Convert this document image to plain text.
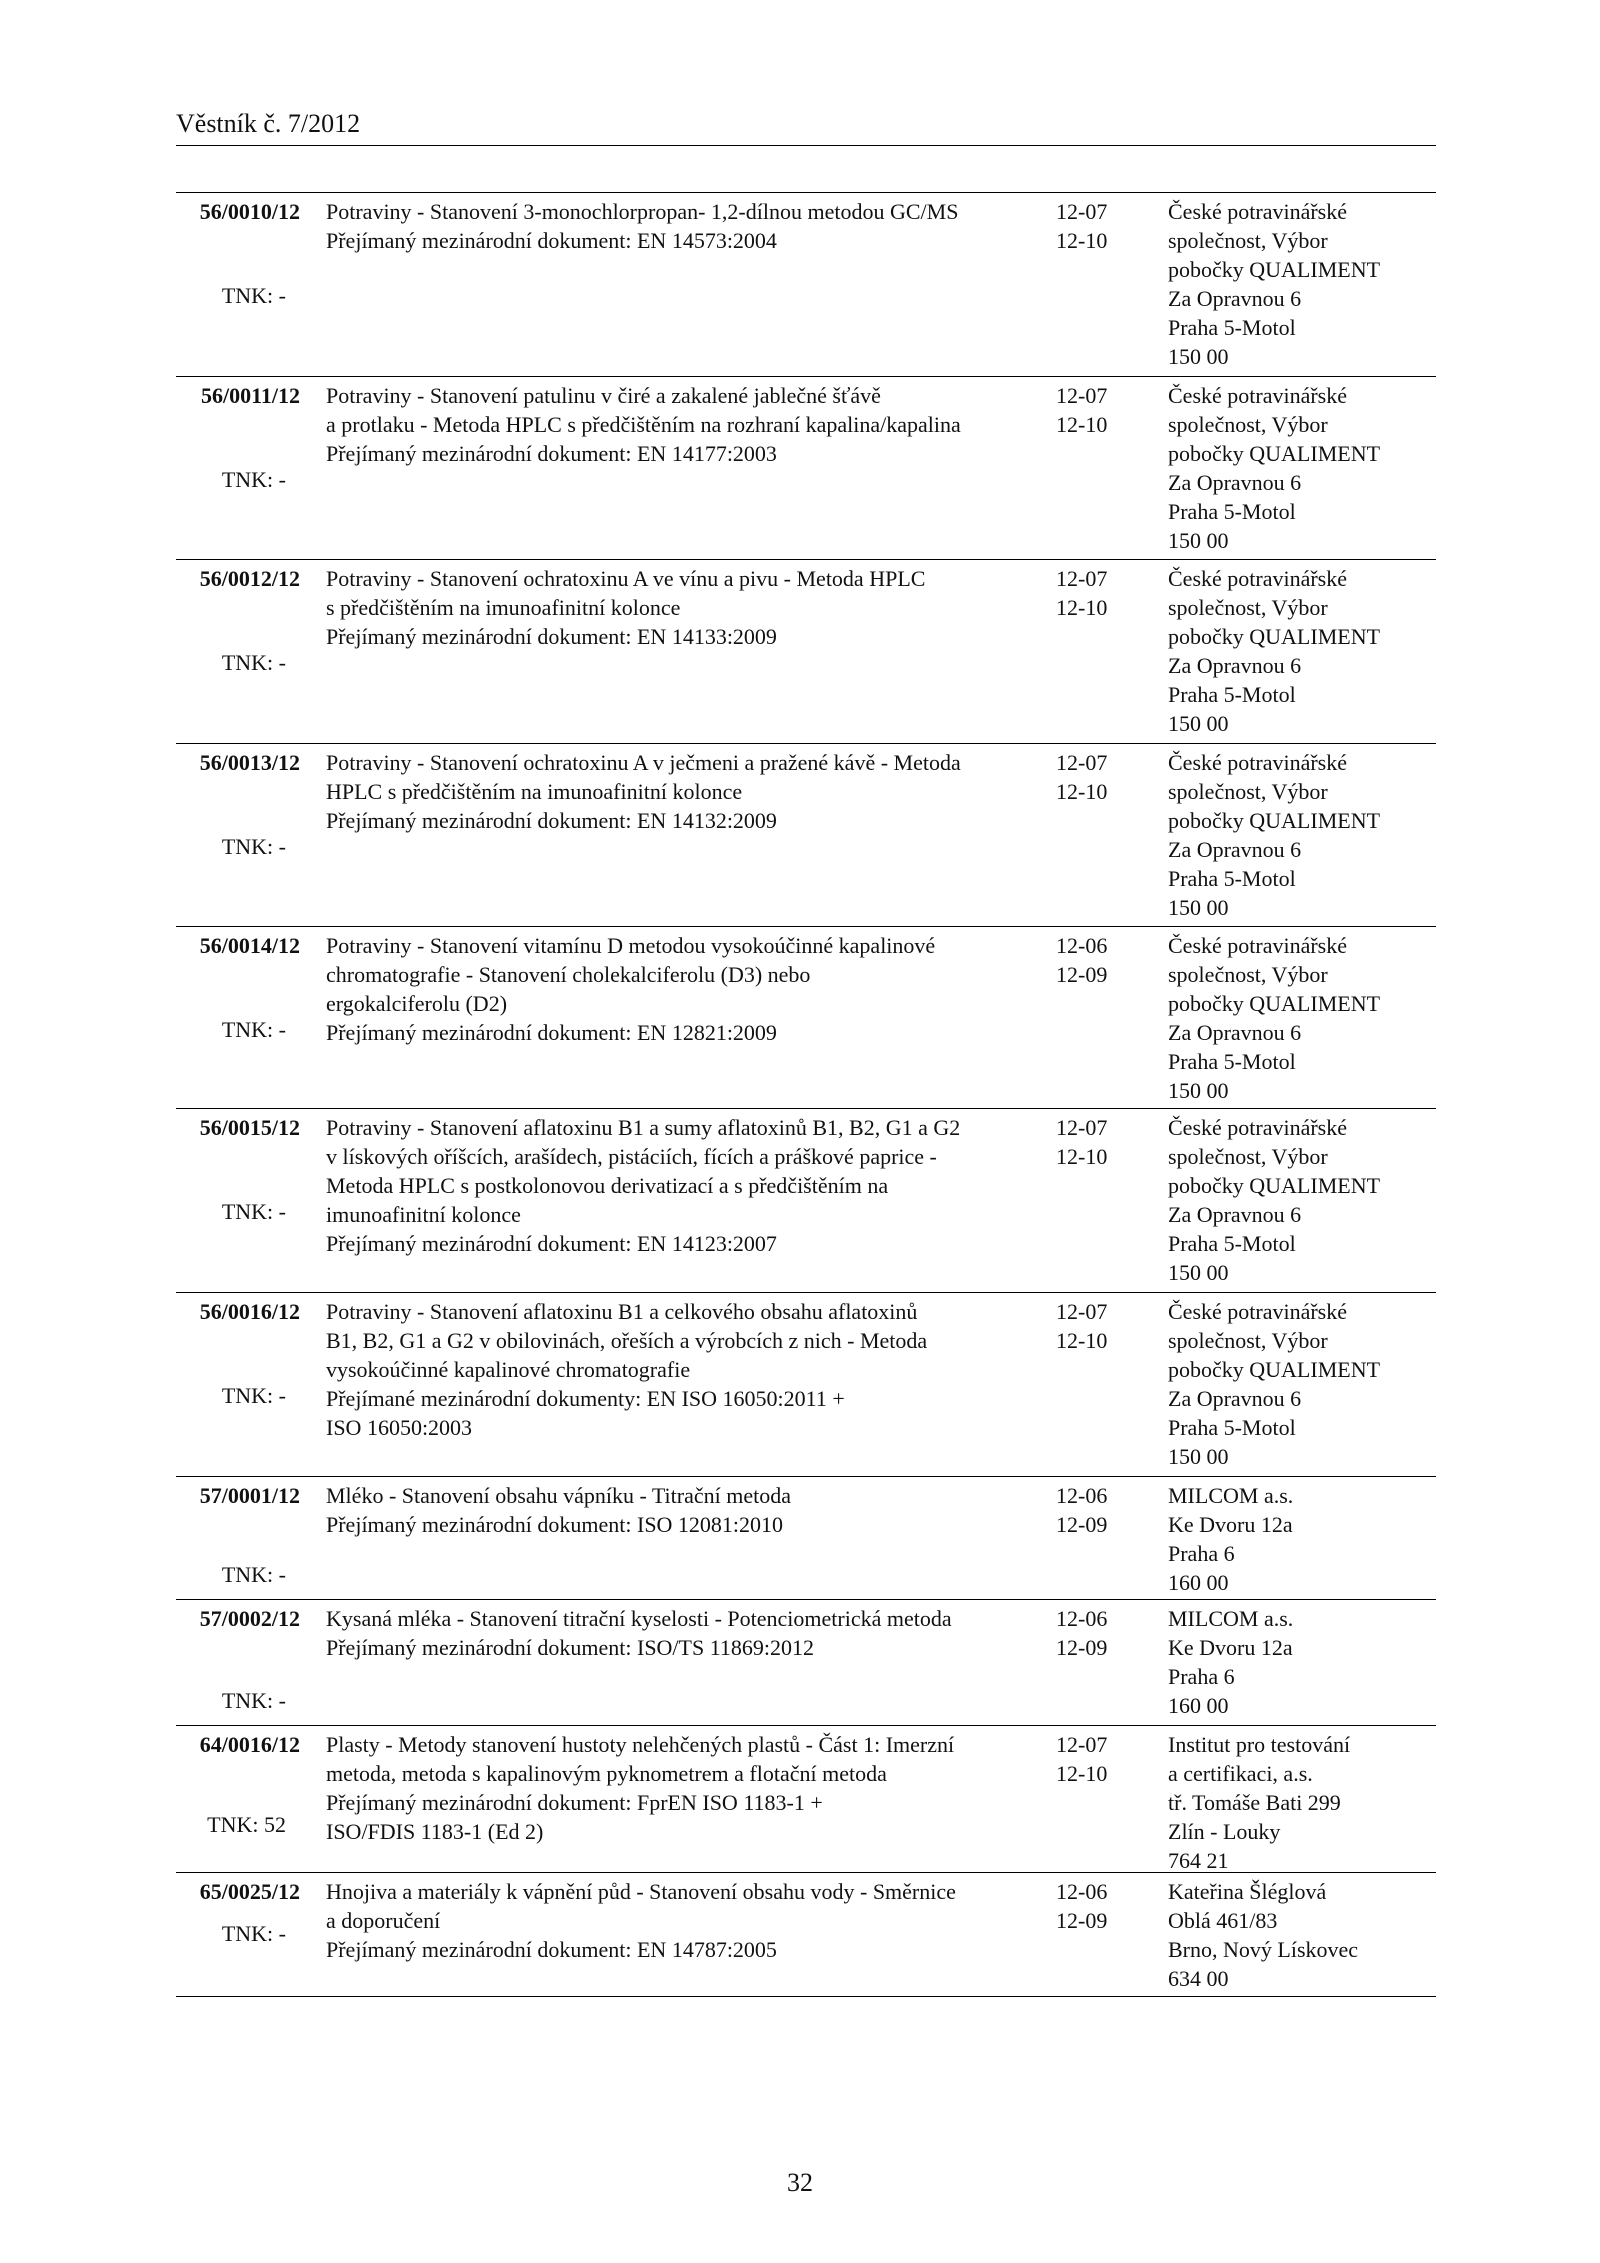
Věstník č. 7/2012
56/0010/12
TNK: -
Potraviny - Stanovení 3-monochlorpropan- 1,2-dílnou metodou GC/MS
Přejímaný mezinárodní dokument: EN 14573:2004
12-07
12-10
České potravinářské
společnost, Výbor
pobočky QUALIMENT
Za Opravnou 6
Praha 5-Motol
150 00
56/0011/12
TNK: -
Potraviny - Stanovení patulinu v čiré a zakalené jablečné šťávě
a protlaku - Metoda HPLC s předčištěním na rozhraní kapalina/kapalina
Přejímaný mezinárodní dokument: EN 14177:2003
12-07
12-10
České potravinářské
společnost, Výbor
pobočky QUALIMENT
Za Opravnou 6
Praha 5-Motol
150 00
56/0012/12
TNK: -
Potraviny - Stanovení ochratoxinu A ve vínu a pivu - Metoda HPLC
s předčištěním na imunoafinitní kolonce
Přejímaný mezinárodní dokument: EN 14133:2009
12-07
12-10
České potravinářské
společnost, Výbor
pobočky QUALIMENT
Za Opravnou 6
Praha 5-Motol
150 00
56/0013/12
TNK: -
Potraviny - Stanovení ochratoxinu A v ječmeni a pražené kávě - Metoda
HPLC s předčištěním na imunoafinitní kolonce
Přejímaný mezinárodní dokument: EN 14132:2009
12-07
12-10
České potravinářské
společnost, Výbor
pobočky QUALIMENT
Za Opravnou 6
Praha 5-Motol
150 00
56/0014/12
TNK: -
Potraviny - Stanovení vitamínu D metodou vysokoúčinné kapalinové
chromatografie - Stanovení cholekalciferolu (D3) nebo
ergokalciferolu (D2)
Přejímaný mezinárodní dokument: EN 12821:2009
12-06
12-09
České potravinářské
společnost, Výbor
pobočky QUALIMENT
Za Opravnou 6
Praha 5-Motol
150 00
56/0015/12
TNK: -
Potraviny - Stanovení aflatoxinu B1 a sumy aflatoxinů B1, B2, G1 a G2
v lískových oříšcích, arašídech, pistáciích, fících a práškové paprice -
Metoda HPLC s postkolonovou derivatizací a s předčištěním na
imunoafinitní kolonce
Přejímaný mezinárodní dokument: EN 14123:2007
12-07
12-10
České potravinářské
společnost, Výbor
pobočky QUALIMENT
Za Opravnou 6
Praha 5-Motol
150 00
56/0016/12
TNK: -
Potraviny - Stanovení aflatoxinu B1 a celkového obsahu aflatoxinů
B1, B2, G1 a G2 v obilovinách, ořeších a výrobcích z nich - Metoda
vysokoúčinné kapalinové chromatografie
Přejímané mezinárodní dokumenty: EN ISO 16050:2011 +
ISO 16050:2003
12-07
12-10
České potravinářské
společnost, Výbor
pobočky QUALIMENT
Za Opravnou 6
Praha 5-Motol
150 00
57/0001/12
TNK: -
Mléko - Stanovení obsahu vápníku - Titrační metoda
Přejímaný mezinárodní dokument: ISO 12081:2010
12-06
12-09
MILCOM a.s.
Ke Dvoru 12a
Praha 6
160 00
57/0002/12
TNK: -
Kysaná mléka - Stanovení titrační kyselosti - Potenciometrická metoda
Přejímaný mezinárodní dokument: ISO/TS 11869:2012
12-06
12-09
MILCOM a.s.
Ke Dvoru 12a
Praha 6
160 00
64/0016/12
TNK: 52
Plasty - Metody stanovení hustoty nelehčených plastů - Část 1: Imerzní
metoda, metoda s kapalinovým pyknometrem a flotační metoda
Přejímaný mezinárodní dokument: FprEN ISO 1183-1 +
ISO/FDIS 1183-1 (Ed 2)
12-07
12-10
Institut pro testování
a certifikaci, a.s.
tř. Tomáše Bati 299
Zlín - Louky
764 21
65/0025/12
TNK: -
Hnojiva a materiály k vápnění půd - Stanovení obsahu vody - Směrnice
a doporučení
Přejímaný mezinárodní dokument: EN 14787:2005
12-06
12-09
Kateřina Šléglová
Oblá 461/83
Brno, Nový Lískovec
634 00
32
